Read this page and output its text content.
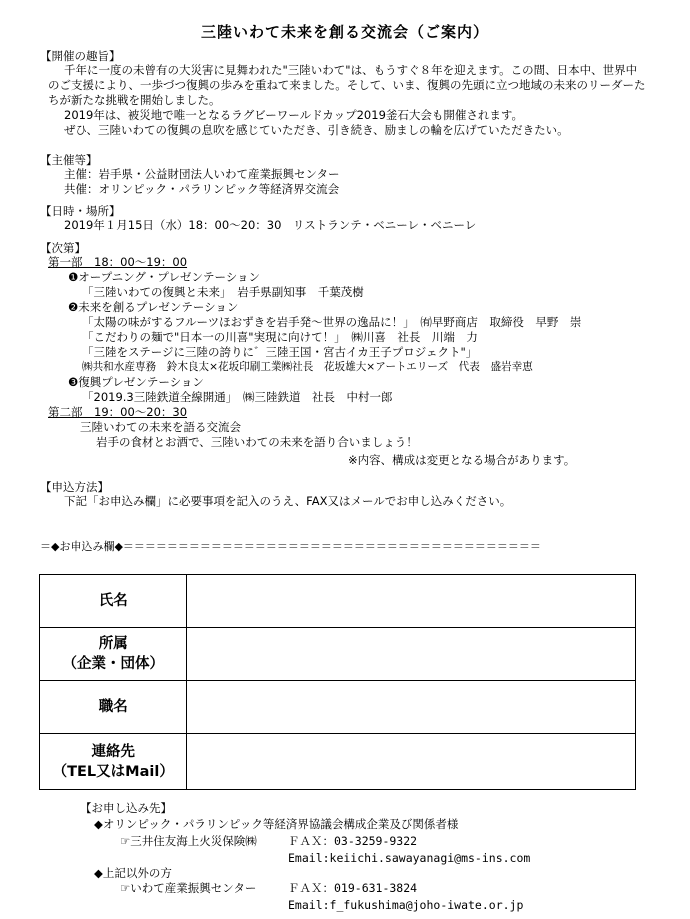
三陸いわて未来を創る交流会（ご案内）
【開催の趣旨】
千年に一度の未曾有の大災害に見舞われた"三陸いわて"は、もうすぐ８年を迎えます。この間、日本中、世界中のご支援により、一歩づつ復興の歩みを重ねて来ました。そして、いま、復興の先頭に立つ地域の未来のリーダーたちが新たな挑戦を開始しました。
2019年は、被災地で唯一となるラグビーワールドカップ2019釜石大会も開催されます。
ぜひ、三陸いわての復興の息吹を感じていただき、引き続き、励ましの輪を広げていただきたい。
【主催等】
主催：岩手県・公益財団法人いわて産業振興センター
共催：オリンピック・パラリンピック等経済界交流会
【日時・場所】
2019年１月15日（水）18：00～20：30　リストランテ・ベニーレ・ベニーレ
【次第】
第一部　18：00～19：00
❶オープニング・プレゼンテーション
「三陸いわての復興と未来」　岩手県副知事　千葉茂樹
❷未来を創るプレゼンテーション
「太陽の味がするフルーツほおずきを岩手発～世界の逸品に！」　㈲早野商店　取締役　早野　崇
「こだわりの麺で"日本一の川喜"実現に向けて！」　㈱川喜　社長　川端　力
「三陸をステージに三陸の誇りに゛三陸王国・宮古イカ王子プロジェクト"」
㈱共和水産専務　鈴木良太×花坂印刷工業㈱社長　花坂雄大×アートエリーズ　代表　盛岩幸恵
❸復興プレゼンテーション
「2019.3三陸鉄道全線開通」　㈱三陸鉄道　社長　中村一郎
第二部　19：00～20：30
三陸いわての未来を語る交流会
岩手の食材とお酒で、三陸いわての未来を語り合いましょう！
※内容、構成は変更となる場合があります。
【申込方法】
下記「お申込み欄」に必要事項を記入のうえ、FAX又はメールでお申し込みください。
＝◆お申込み欄◆＝＝＝＝＝＝＝＝＝＝＝＝＝＝＝＝＝＝＝＝＝＝＝＝＝＝＝＝＝＝＝＝＝＝＝＝＝＝
氏名	

所属
（企業・団体）	

職名	

連絡先
（TEL又はMail）	

【お申し込み先】
◆オリンピック・パラリンピック等経済界協議会構成企業及び関係者様
☞三井住友海上火災保険㈱	ＦＡＸ：03-3259-9322
Email:keiichi.sawayanagi@ms-ins.com
◆上記以外の方
☞いわて産業振興センター	ＦＡＸ：019-631-3824
Email:f_fukushima@joho-iwate.or.jp
